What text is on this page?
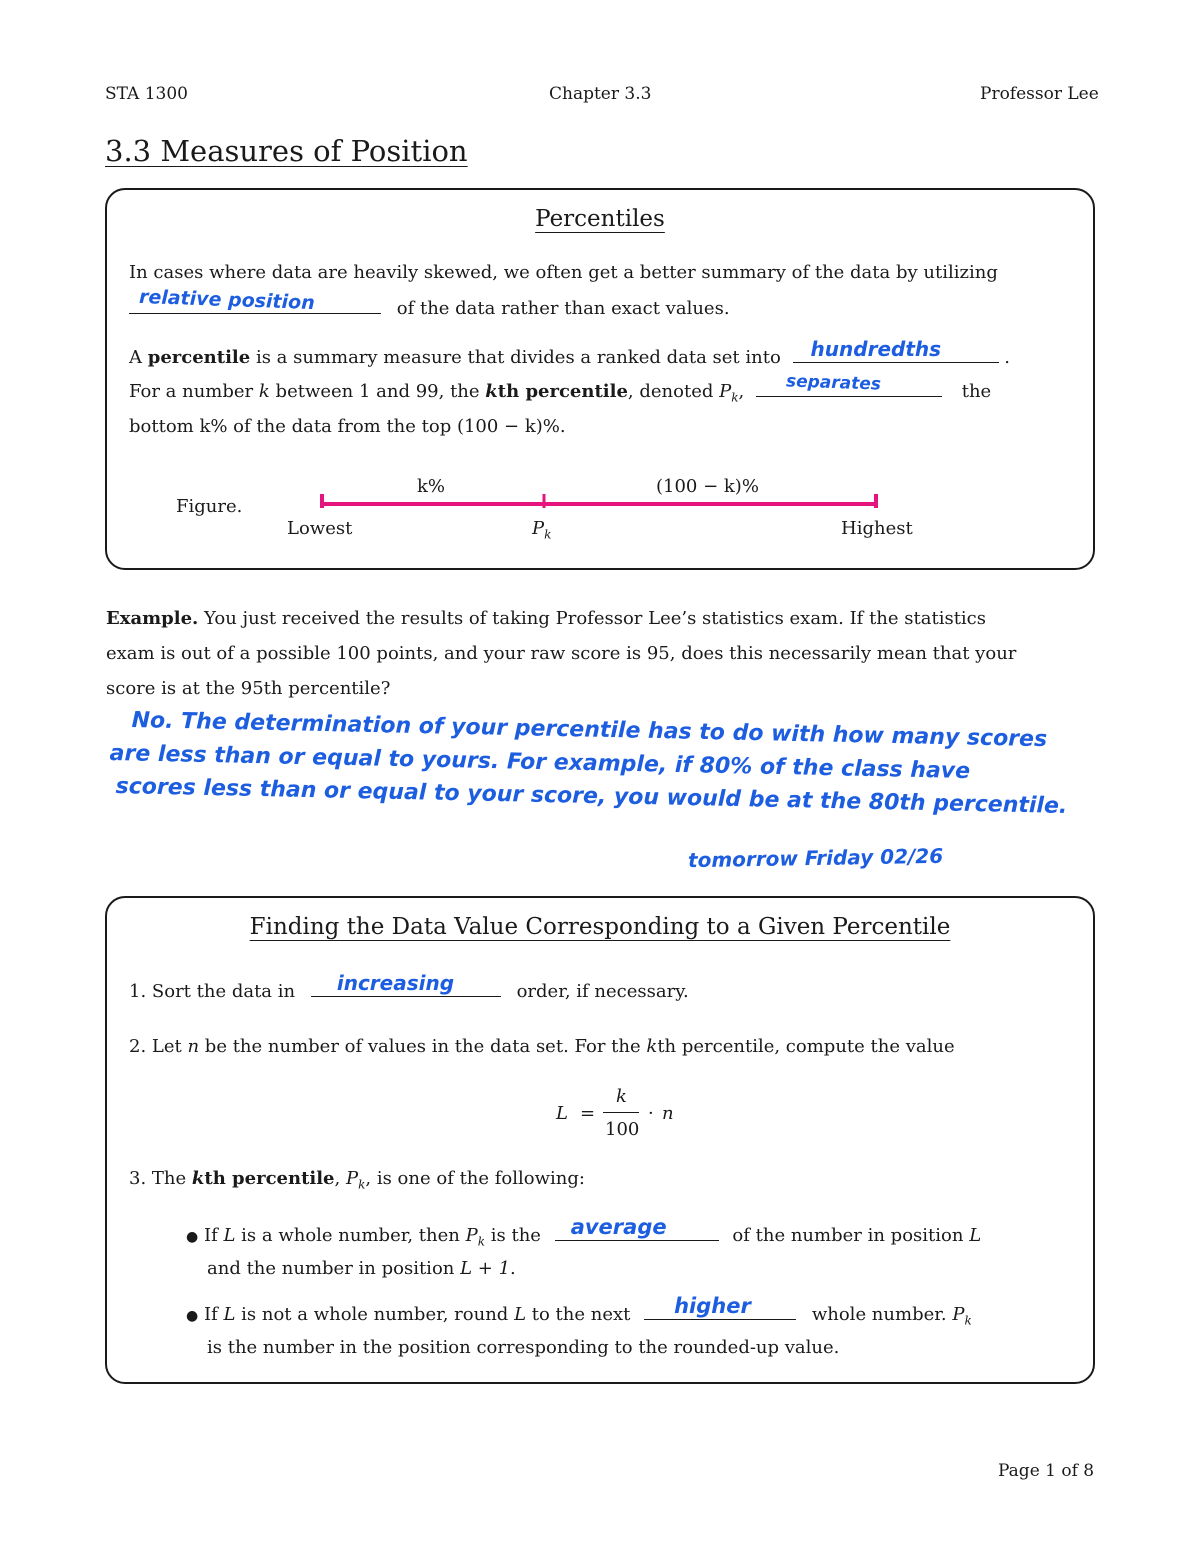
STA 1300	Chapter 3.3	Professor Lee
3.3 Measures of Position
Percentiles
In cases where data are heavily skewed, we often get a better summary of the data by utilizing
relative position	of the data rather than exact values.
A percentile is a summary measure that divides a ranked data set into hundredths	.
For a number k between 1 and 99, the kth percentile, denoted $P_k$, separates	the
bottom k% of the data from the top (100 − k)%.
Figure.
k%	(100 − k)%
Lowest	$P_k$	Highest
Example. You just received the results of taking Professor Lee’s statistics exam. If the statistics
exam is out of a possible 100 points, and your raw score is 95, does this necessarily mean that your
score is at the 95th percentile?
No. The determination of your percentile has to do with how many scores
are less than or equal to yours. For example, if 80% of the class have
scores less than or equal to your score, you would be at the 80th percentile.
tomorrow Friday 02/26
Finding the Data Value Corresponding to a Given Percentile
1. Sort the data in increasing	order, if necessary.
2. Let n be the number of values in the data set. For the kth percentile, compute the value
L =
k
100
· n
3. The kth percentile, $P_k$, is one of the following:
● If L is a whole number, then $P_k$ is the average	of the number in position L
and the number in position L + 1.
● If L is not a whole number, round L to the next higher	whole number. $P_k$
is the number in the position corresponding to the rounded-up value.
Page 1 of 8
